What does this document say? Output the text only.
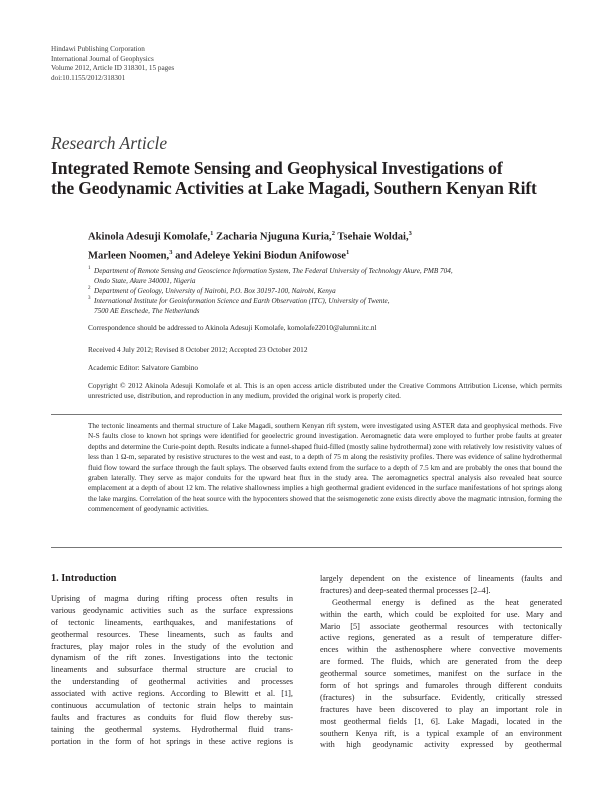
Hindawi Publishing Corporation
International Journal of Geophysics
Volume 2012, Article ID 318301, 15 pages
doi:10.1155/2012/318301
Research Article
Integrated Remote Sensing and Geophysical Investigations of
the Geodynamic Activities at Lake Magadi, Southern Kenyan Rift
Akinola Adesuji Komolafe,$^1$ Zacharia Njuguna Kuria,$^2$ Tsehaie Woldai,$^3$
Marleen Noomen,$^3$ and Adeleye Yekini Biodun Anifowose$^1$
1 Department of Remote Sensing and Geoscience Information System, The Federal University of Technology Akure, PMB 704,
Ondo State, Akure 340001, Nigeria
2 Department of Geology, University of Nairobi, P.O. Box 30197-100, Nairobi, Kenya
3 International Institute for Geoinformation Science and Earth Observation (ITC), University of Twente,
7500 AE Enschede, The Netherlands
Correspondence should be addressed to Akinola Adesuji Komolafe, komolafe22010@alumni.itc.nl
Received 4 July 2012; Revised 8 October 2012; Accepted 23 October 2012
Academic Editor: Salvatore Gambino
Copyright © 2012 Akinola Adesuji Komolafe et al. This is an open access article distributed under the Creative Commons Attribution License, which permits unrestricted use, distribution, and reproduction in any medium, provided the original work is properly cited.
The tectonic lineaments and thermal structure of Lake Magadi, southern Kenyan rift system, were investigated using ASTER data and geophysical methods. Five N-S faults close to known hot springs were identified for geoelectric ground investigation. Aeromagnetic data were employed to further probe faults at greater depths and determine the Curie-point depth. Results indicate a funnel-shaped fluid-filled (mostly saline hydrothermal) zone with relatively low resistivity values of less than 1 Ω-m, separated by resistive structures to the west and east, to a depth of 75 m along the resistivity profiles. There was evidence of saline hydrothermal fluid flow toward the surface through the fault splays. The observed faults extend from the surface to a depth of 7.5 km and are probably the ones that bound the graben laterally. They serve as major conduits for the upward heat flux in the study area. The aeromagnetics spectral analysis also revealed heat source emplacement at a depth of about 12 km. The relative shallowness implies a high geothermal gradient evidenced in the surface manifestations of hot springs along the lake margins. Correlation of the heat source with the hypocenters showed that the seismogenetic zone exists directly above the magmatic intrusion, forming the commencement of geodynamic activities.
1. Introduction
Uprising of magma during rifting process often results in
various geodynamic activities such as the surface expressions
of tectonic lineaments, earthquakes, and manifestations of
geothermal resources. These lineaments, such as faults and
fractures, play major roles in the study of the evolution and
dynamism of the rift zones. Investigations into the tectonic
lineaments and subsurface thermal structure are crucial to
the understanding of geothermal activities and processes
associated with active regions. According to Blewitt et al. [1],
continuous accumulation of tectonic strain helps to maintain
faults and fractures as conduits for fluid flow thereby sus-
taining the geothermal systems. Hydrothermal fluid trans-
portation in the form of hot springs in these active regions is
largely dependent on the existence of lineaments (faults and
fractures) and deep-seated thermal processes [2–4].
Geothermal energy is defined as the heat generated
within the earth, which could be exploited for use. Mary and
Mario [5] associate geothermal resources with tectonically
active regions, generated as a result of temperature differ-
ences within the asthenosphere where convective movements
are formed. The fluids, which are generated from the deep
geothermal source sometimes, manifest on the surface in the
form of hot springs and fumaroles through different conduits
(fractures) in the subsurface. Evidently, critically stressed
fractures have been discovered to play an important role in
most geothermal fields [1, 6]. Lake Magadi, located in the
southern Kenya rift, is a typical example of an environment
with high geodynamic activity expressed by geothermal
